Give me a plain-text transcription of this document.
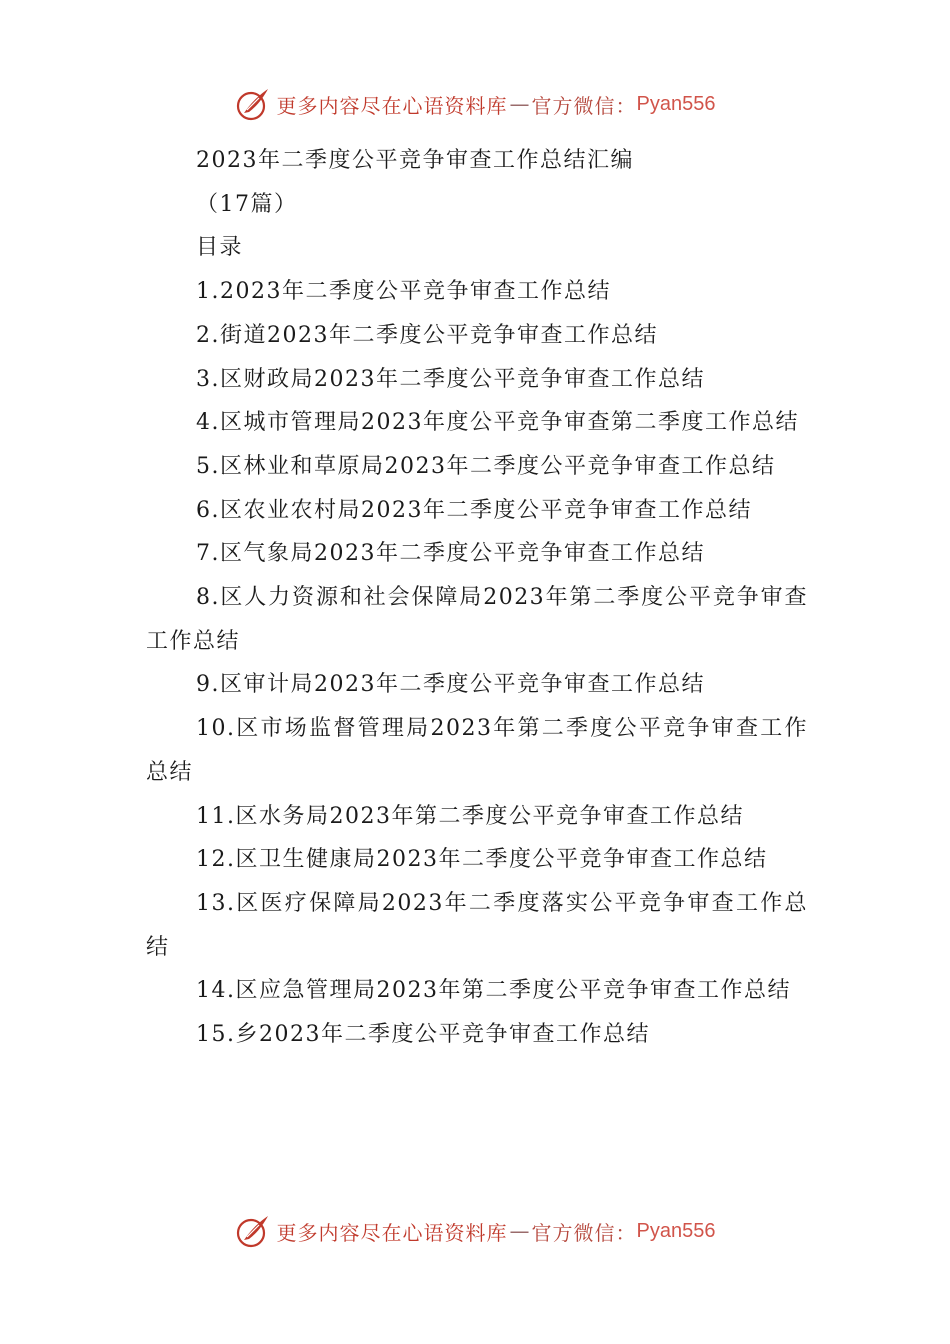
更多内容尽在心语资料库 — 官方微信： Pyan556

2023年二季度公平竞争审查工作总结汇编

（17篇）

目录

1.2023年二季度公平竞争审查工作总结

2.街道2023年二季度公平竞争审查工作总结

3.区财政局2023年二季度公平竞争审查工作总结

4.区城市管理局2023年度公平竞争审查第二季度工作总结

5.区林业和草原局2023年二季度公平竞争审查工作总结

6.区农业农村局2023年二季度公平竞争审查工作总结

7.区气象局2023年二季度公平竞争审查工作总结

8.区人力资源和社会保障局2023年第二季度公平竞争审查工作总结

9.区审计局2023年二季度公平竞争审查工作总结

10.区市场监督管理局2023年第二季度公平竞争审查工作总结

11.区水务局2023年第二季度公平竞争审查工作总结

12.区卫生健康局2023年二季度公平竞争审查工作总结

13.区医疗保障局2023年二季度落实公平竞争审查工作总结

14.区应急管理局2023年第二季度公平竞争审查工作总结

15.乡2023年二季度公平竞争审查工作总结

更多内容尽在心语资料库 — 官方微信： Pyan556
